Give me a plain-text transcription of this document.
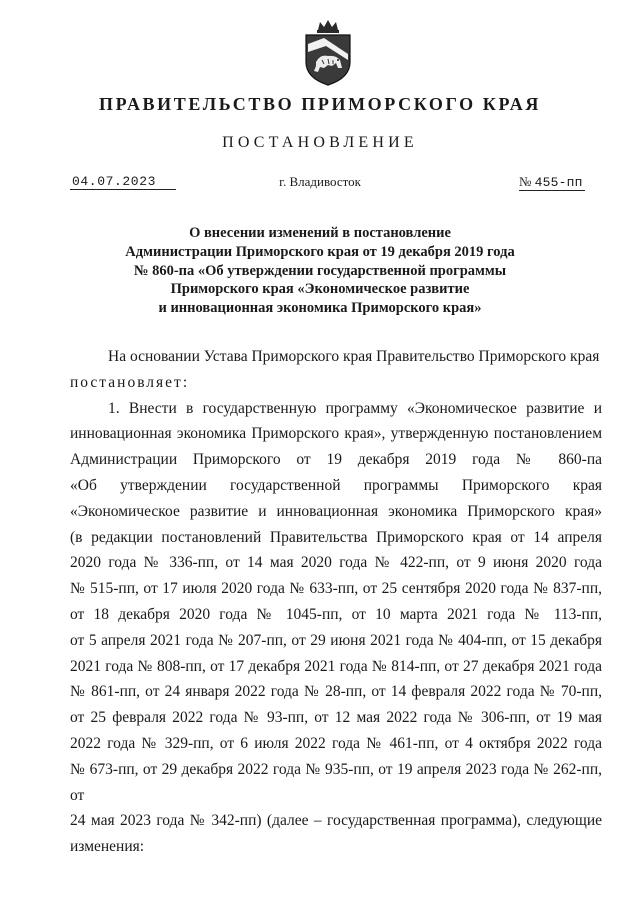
ПРАВИТЕЛЬСТВО ПРИМОРСКОГО КРАЯ
ПОСТАНОВЛЕНИЕ
04.07.2023	г. Владивосток	№ 455-пп
О внесении изменений в постановление
Администрации Приморского края от 19 декабря 2019 года
№ 860-па «Об утверждении государственной программы
Приморского края «Экономическое развитие
и инновационная экономика Приморского края»
На основании Устава Приморского края Правительство Приморского края
постановляет:
1. Внести в государственную программу «Экономическое развитие и
инновационная экономика Приморского края», утвержденную постановлением
Администрации Приморского от 19 декабря 2019 года № 860-па
«Об утверждении государственной программы Приморского края
«Экономическое развитие и инновационная экономика Приморского края»
(в редакции постановлений Правительства Приморского края от 14 апреля
2020 года № 336-пп, от 14 мая 2020 года № 422-пп, от 9 июня 2020 года
№ 515-пп, от 17 июля 2020 года № 633-пп, от 25 сентября 2020 года № 837-пп,
от 18 декабря 2020 года № 1045-пп, от 10 марта 2021 года № 113-пп,
от 5 апреля 2021 года № 207-пп, от 29 июня 2021 года № 404-пп, от 15 декабря
2021 года № 808-пп, от 17 декабря 2021 года № 814-пп, от 27 декабря 2021 года
№ 861-пп, от 24 января 2022 года № 28-пп, от 14 февраля 2022 года № 70-пп,
от 25 февраля 2022 года № 93-пп, от 12 мая 2022 года № 306-пп, от 19 мая
2022 года № 329-пп, от 6 июля 2022 года № 461-пп, от 4 октября 2022 года
№ 673-пп, от 29 декабря 2022 года № 935-пп, от 19 апреля 2023 года № 262-пп, от
24 мая 2023 года № 342-пп) (далее – государственная программа), следующие
изменения:
